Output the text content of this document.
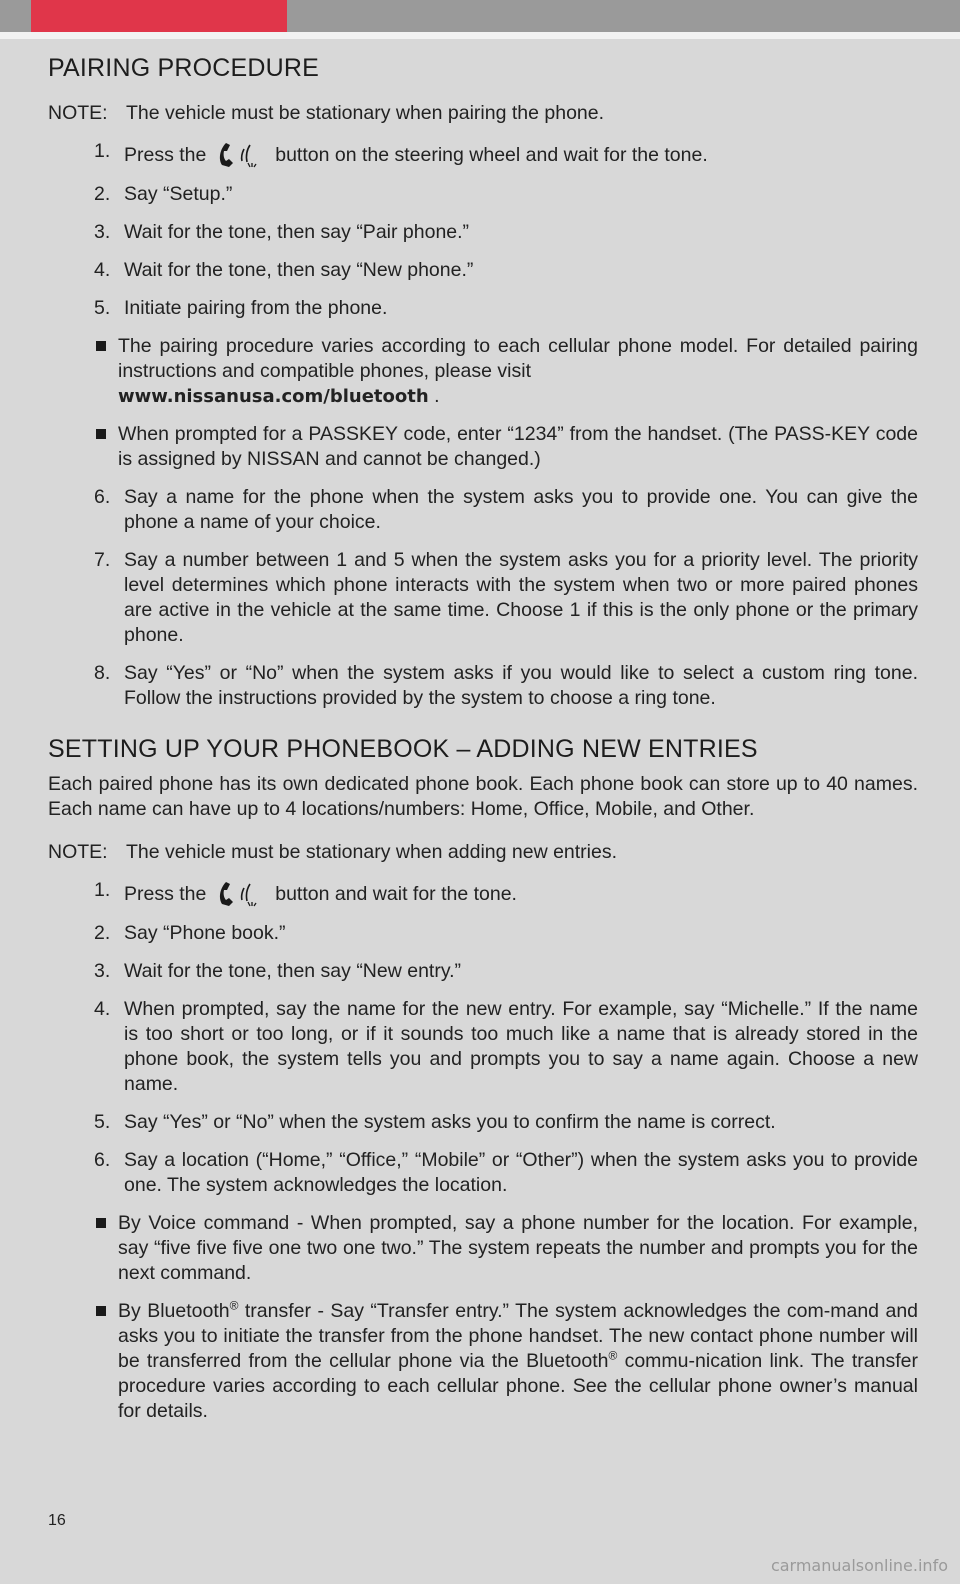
PAIRING PROCEDURE
NOTE: The vehicle must be stationary when pairing the phone.
1. Press the	button on the steering wheel and wait for the tone.
2. Say “Setup.”
3. Wait for the tone, then say “Pair phone.”
4. Wait for the tone, then say “New phone.”
5. Initiate pairing from the phone.
The pairing procedure varies according to each cellular phone model. For detailed pairing instructions and compatible phones, please visit
www.nissanusa.com/bluetooth .
When prompted for a PASSKEY code, enter “1234” from the handset. (The PASS-KEY code is assigned by NISSAN and cannot be changed.)
6. Say a name for the phone when the system asks you to provide one. You can give the phone a name of your choice.
7. Say a number between 1 and 5 when the system asks you for a priority level. The priority level determines which phone interacts with the system when two or more paired phones are active in the vehicle at the same time. Choose 1 if this is the only phone or the primary phone.
8. Say “Yes” or “No” when the system asks if you would like to select a custom ring tone. Follow the instructions provided by the system to choose a ring tone.
SETTING UP YOUR PHONEBOOK – ADDING NEW ENTRIES
Each paired phone has its own dedicated phone book. Each phone book can store up to 40 names. Each name can have up to 4 locations/numbers: Home, Office, Mobile, and Other.
NOTE: The vehicle must be stationary when adding new entries.
1. Press the	button and wait for the tone.
2. Say “Phone book.”
3. Wait for the tone, then say “New entry.”
4. When prompted, say the name for the new entry. For example, say “Michelle.” If the name is too short or too long, or if it sounds too much like a name that is already stored in the phone book, the system tells you and prompts you to say a name again. Choose a new name.
5. Say “Yes” or “No” when the system asks you to confirm the name is correct.
6. Say a location (“Home,” “Office,” “Mobile” or “Other”) when the system asks you to provide one. The system acknowledges the location.
By Voice command - When prompted, say a phone number for the location. For example, say “five five five one two one two.” The system repeats the number and prompts you for the next command.
By Bluetooth® transfer - Say “Transfer entry.” The system acknowledges the com-mand and asks you to initiate the transfer from the phone handset. The new contact phone number will be transferred from the cellular phone via the Bluetooth® commu-nication link. The transfer procedure varies according to each cellular phone. See the cellular phone owner’s manual for details.
16
carmanualsonline.info
